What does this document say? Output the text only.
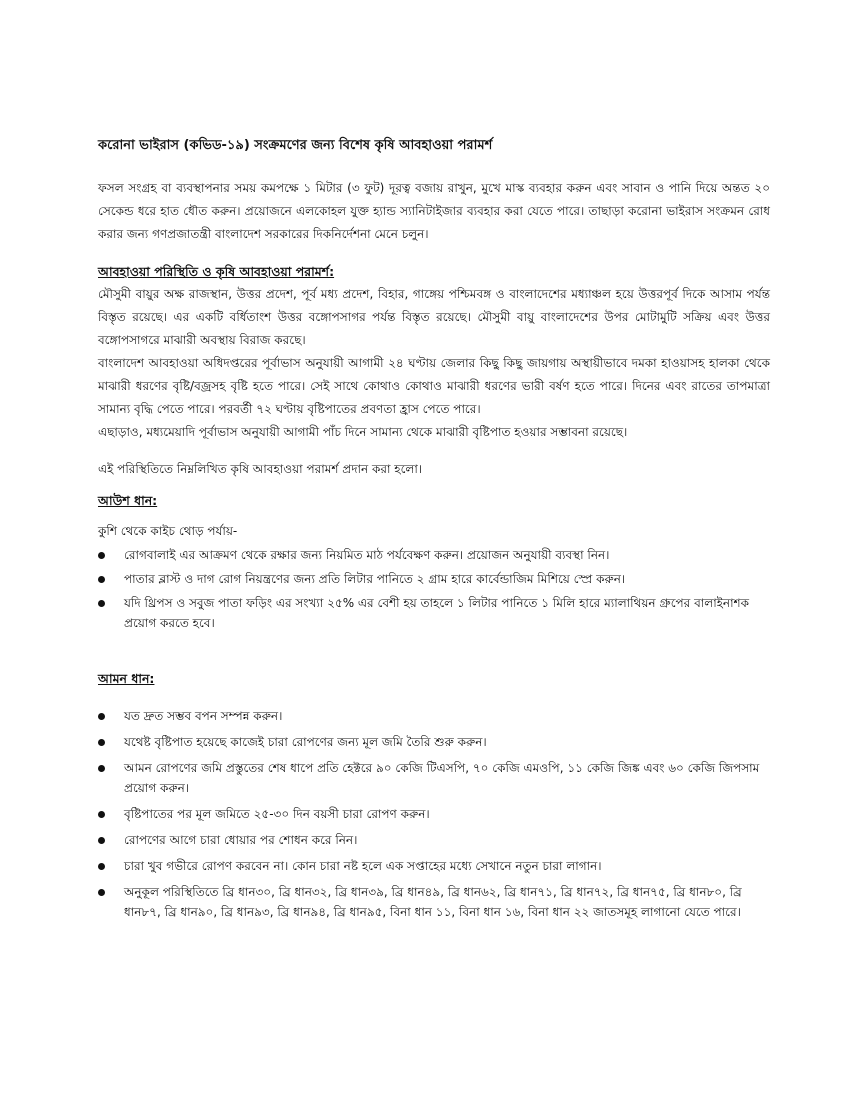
করোনা ভাইরাস (কভিড-১৯) সংক্রমণের জন্য বিশেষ কৃষি আবহাওয়া পরামর্শ

ফসল সংগ্রহ বা ব্যবস্থাপনার সময় কমপক্ষে ১ মিটার (৩ ফুট) দূরত্ব বজায় রাখুন, মুখে মাস্ক ব্যবহার করুন এবং সাবান ও পানি দিয়ে অন্তত ২০ সেকেন্ড ধরে হাত ধৌত করুন। প্রয়োজনে এলকোহল যুক্ত হ্যান্ড স্যানিটাইজার ব্যবহার করা যেতে পারে। তাছাড়া করোনা ভাইরাস সংক্রমন রোধ করার জন্য গণপ্রজাতন্ত্রী বাংলাদেশ সরকারের দিকনির্দেশনা মেনে চলুন।

আবহাওয়া পরিস্থিতি ও কৃষি আবহাওয়া পরামর্শ:

মৌসুমী বায়ুর অক্ষ রাজস্থান, উত্তর প্রদেশ, পূর্ব মধ্য প্রদেশ, বিহার, গাঙ্গেয় পশ্চিমবঙ্গ ও বাংলাদেশের মধ্যাঞ্চল হয়ে উত্তরপূর্ব দিকে আসাম পর্যন্ত বিস্তৃত রয়েছে। এর একটি বর্ধিতাংশ উত্তর বঙ্গোপসাগর পর্যন্ত বিস্তৃত রয়েছে। মৌসুমী বায়ু বাংলাদেশের উপর মোটামুটি সক্রিয় এবং উত্তর বঙ্গোপসাগরে মাঝারী অবস্থায় বিরাজ করছে।

বাংলাদেশ আবহাওয়া অধিদপ্তরের পূর্বাভাস অনুযায়ী আগামী ২৪ ঘণ্টায় জেলার কিছু কিছু জায়গায় অস্থায়ীভাবে দমকা হাওয়াসহ হালকা থেকে মাঝারী ধরণের বৃষ্টি/বজ্রসহ বৃষ্টি হতে পারে। সেই সাথে কোথাও কোথাও মাঝারী ধরণের ভারী বর্ষণ হতে পারে। দিনের এবং রাতের তাপমাত্রা সামান্য বৃদ্ধি পেতে পারে। পরবর্তী ৭২ ঘণ্টায় বৃষ্টিপাতের প্রবণতা হ্রাস পেতে পারে।

এছাড়াও, মধ্যমেয়াদি পূর্বাভাস অনুযায়ী আগামী পাঁচ দিনে সামান্য থেকে মাঝারী বৃষ্টিপাত হওয়ার সম্ভাবনা রয়েছে।

এই পরিস্থিতিতে নিম্নলিখিত কৃষি আবহাওয়া পরামর্শ প্রদান করা হলো।

আউশ ধান:

কুশি থেকে কাইচ থোড় পর্যায়-

রোগবালাই এর আক্রমণ থেকে রক্ষার জন্য নিয়মিত মাঠ পর্যবেক্ষণ করুন। প্রয়োজন অনুযায়ী ব্যবস্থা নিন।
পাতার ব্লাস্ট ও দাগ রোগ নিয়ন্ত্রণের জন্য প্রতি লিটার পানিতে ২ গ্রাম হারে কার্বেন্ডাজিম মিশিয়ে স্প্রে করুন।
যদি থ্রিপস ও সবুজ পাতা ফড়িং এর সংখ্যা ২৫% এর বেশী হয় তাহলে ১ লিটার পানিতে ১ মিলি হারে ম্যালাথিয়ন গ্রুপের বালাইনাশক প্রয়োগ করতে হবে।
আমন ধান:
যত দ্রুত সম্ভব বপন সম্পন্ন করুন।
যথেষ্ট বৃষ্টিপাত হয়েছে কাজেই চারা রোপণের জন্য মূল জমি তৈরি শুরু করুন।
আমন রোপণের জমি প্রস্তুতের শেষ ধাপে প্রতি হেক্টরে ৯০ কেজি টিএসপি, ৭০ কেজি এমওপি, ১১ কেজি জিঙ্ক এবং ৬০ কেজি জিপসাম প্রয়োগ করুন।
বৃষ্টিপাতের পর মূল জমিতে ২৫-৩০ দিন বয়সী চারা রোপণ করুন।
রোপণের আগে চারা ধোয়ার পর শোধন করে নিন।
চারা খুব গভীরে রোপণ করবেন না। কোন চারা নষ্ট হলে এক সপ্তাহের মধ্যে সেখানে নতুন চারা লাগান।
অনুকূল পরিস্থিতিতে ব্রি ধান৩০, ব্রি ধান৩২, ব্রি ধান৩৯, ব্রি ধান৪৯, ব্রি ধান৬২, ব্রি ধান৭১, ব্রি ধান৭২, ব্রি ধান৭৫, ব্রি ধান৮০, ব্রি ধান৮৭, ব্রি ধান৯০, ব্রি ধান৯৩, ব্রি ধান৯৪, ব্রি ধান৯৫, বিনা ধান ১১, বিনা ধান ১৬, বিনা ধান ২২ জাতসমূহ লাগানো যেতে পারে।
